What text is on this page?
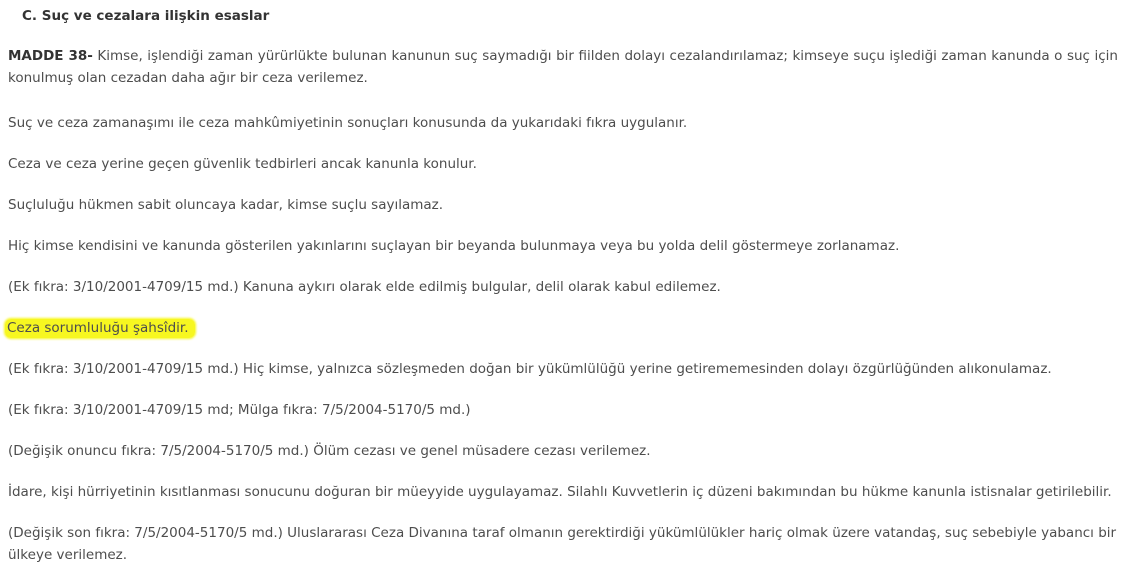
C. Suç ve cezalara ilişkin esaslar

MADDE 38- Kimse, işlendiği zaman yürürlükte bulunan kanunun suç saymadığı bir fiilden dolayı cezalandırılamaz; kimseye suçu işlediği zaman kanunda o suç için konulmuş olan cezadan daha ağır bir ceza verilemez.

Suç ve ceza zamanaşımı ile ceza mahkûmiyetinin sonuçları konusunda da yukarıdaki fıkra uygulanır.

Ceza ve ceza yerine geçen güvenlik tedbirleri ancak kanunla konulur.

Suçluluğu hükmen sabit oluncaya kadar, kimse suçlu sayılamaz.

Hiç kimse kendisini ve kanunda gösterilen yakınlarını suçlayan bir beyanda bulunmaya veya bu yolda delil göstermeye zorlanamaz.

(Ek fıkra: 3/10/2001-4709/15 md.) Kanuna aykırı olarak elde edilmiş bulgular, delil olarak kabul edilemez.

Ceza sorumluluğu şahsîdir.

(Ek fıkra: 3/10/2001-4709/15 md.) Hiç kimse, yalnızca sözleşmeden doğan bir yükümlülüğü yerine getirememesinden dolayı özgürlüğünden alıkonulamaz.

(Ek fıkra: 3/10/2001-4709/15 md; Mülga fıkra: 7/5/2004-5170/5 md.)

(Değişik onuncu fıkra: 7/5/2004-5170/5 md.) Ölüm cezası ve genel müsadere cezası verilemez.

İdare, kişi hürriyetinin kısıtlanması sonucunu doğuran bir müeyyide uygulayamaz. Silahlı Kuvvetlerin iç düzeni bakımından bu hükme kanunla istisnalar getirilebilir.

(Değişik son fıkra: 7/5/2004-5170/5 md.) Uluslararası Ceza Divanına taraf olmanın gerektirdiği yükümlülükler hariç olmak üzere vatandaş, suç sebebiyle yabancı bir ülkeye verilemez.
